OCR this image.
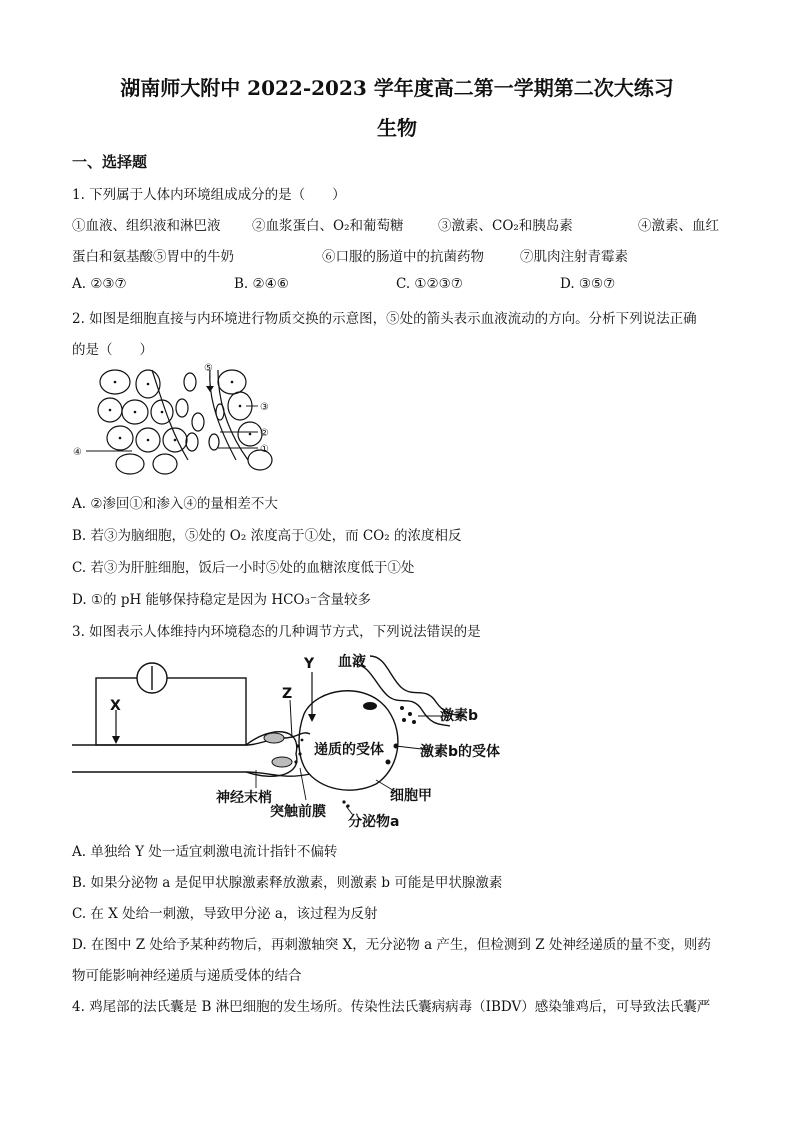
湖南师大附中 2022-2023 学年度高二第一学期第二次大练习
生物
一、选择题
1. 下列属于人体内环境组成成分的是（　　）
①血液、组织液和淋巴液 ②血浆蛋白、O₂和葡萄糖	③激素、CO₂和胰岛素	④激素、血红
蛋白和氨基酸⑤胃中的牛奶	⑥口服的肠道中的抗菌药物	⑦肌肉注射青霉素
A. ②③⑦	B. ②④⑥	C. ①②③⑦	D. ③⑤⑦
2. 如图是细胞直接与内环境进行物质交换的示意图，⑤处的箭头表示血液流动的方向。分析下列说法正确
的是（　　）
⑤
③
②
①
④
A. ②渗回①和渗入④的量相差不大
B. 若③为脑细胞，⑤处的 O₂ 浓度高于①处，而 CO₂ 的浓度相反
C. 若③为肝脏细胞，饭后一小时⑤处的血糖浓度低于①处
D. ①的 pH 能够保持稳定是因为 HCO₃⁻含量较多
3. 如图表示人体维持内环境稳态的几种调节方式，下列说法错误的是
X
Y
Z
血液
激素b
递质的受体	激素b的受体
细胞甲
神经末梢
突触前膜
分泌物a
A. 单独给 Y 处一适宜刺激电流计指针不偏转
B. 如果分泌物 a 是促甲状腺激素释放激素，则激素 b 可能是甲状腺激素
C. 在 X 处给一刺激，导致甲分泌 a，该过程为反射
D. 在图中 Z 处给予某种药物后，再刺激轴突 X，无分泌物 a 产生，但检测到 Z 处神经递质的量不变，则药
物可能影响神经递质与递质受体的结合
4. 鸡尾部的法氏囊是 B 淋巴细胞的发生场所。传染性法氏囊病病毒（IBDV）感染雏鸡后，可导致法氏囊严
